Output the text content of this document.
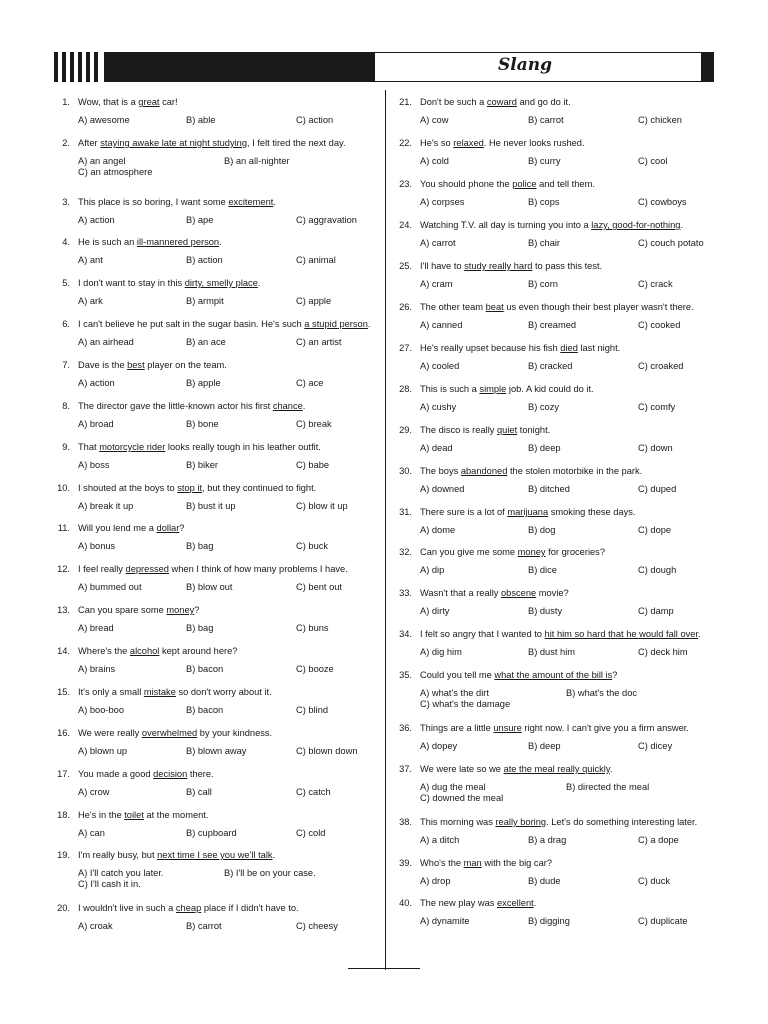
Slang
1. Wow, that is a great car!
A) awesome	B) able	C) action
2. After staying awake late at night studying, I felt tired the next day.
A) an angel	B) an all-nighter
C) an atmosphere
3. This place is so boring, I want some excitement.
A) action	B) ape	C) aggravation
4. He is such an ill-mannered person.
A) ant	B) action	C) animal
5. I don't want to stay in this dirty, smelly place.
A) ark	B) armpit	C) apple
6. I can't believe he put salt in the sugar basin. He's such a stupid person.
A) an airhead	B) an ace	C) an artist
7. Dave is the best player on the team.
A) action	B) apple	C) ace
8. The director gave the little-known actor his first chance.
A) broad	B) bone	C) break
9. That motorcycle rider looks really tough in his leather outfit.
A) boss	B) biker	C) babe
10. I shouted at the boys to stop it, but they continued to fight.
A) break it up	B) bust it up	C) blow it up
11. Will you lend me a dollar?
A) bonus	B) bag	C) buck
12. I feel really depressed when I think of how many problems I have.
A) bummed out	B) blow out	C) bent out
13. Can you spare some money?
A) bread	B) bag	C) buns
14. Where's the alcohol kept around here?
A) brains	B) bacon	C) booze
15. It's only a small mistake so don't worry about it.
A) boo-boo	B) bacon	C) blind
16. We were really overwhelmed by your kindness.
A) blown up	B) blown away	C) blown down
17. You made a good decision there.
A) crow	B) call	C) catch
18. He's in the toilet at the moment.
A) can	B) cupboard	C) cold
19. I'm really busy, but next time I see you we'll talk.
A) I'll catch you later.	B) I'll be on your case.
C) I'll cash it in.
20. I wouldn't live in such a cheap place if I didn't have to.
A) croak	B) carrot	C) cheesy
21. Don't be such a coward and go do it.
A) cow	B) carrot	C) chicken
22. He's so relaxed. He never looks rushed.
A) cold	B) curry	C) cool
23. You should phone the police and tell them.
A) corpses	B) cops	C) cowboys
24. Watching T.V. all day is turning you into a lazy, good-for-nothing.
A) carrot	B) chair	C) couch potato
25. I'll have to study really hard to pass this test.
A) cram	B) corn	C) crack
26. The other team beat us even though their best player wasn't there.
A) canned	B) creamed	C) cooked
27. He's really upset because his fish died last night.
A) cooled	B) cracked	C) croaked
28. This is such a simple job. A kid could do it.
A) cushy	B) cozy	C) comfy
29. The disco is really quiet tonight.
A) dead	B) deep	C) down
30. The boys abandoned the stolen motorbike in the park.
A) downed	B) ditched	C) duped
31. There sure is a lot of marijuana smoking these days.
A) dome	B) dog	C) dope
32. Can you give me some money for groceries?
A) dip	B) dice	C) dough
33. Wasn't that a really obscene movie?
A) dirty	B) dusty	C) damp
34. I felt so angry that I wanted to hit him so hard that he would fall over.
A) dig him	B) dust him	C) deck him
35. Could you tell me what the amount of the bill is?
A) what's the dirt	B) what's the doc
C) what's the damage
36. Things are a little unsure right now. I can't give you a firm answer.
A) dopey	B) deep	C) dicey
37. We were late so we ate the meal really quickly.
A) dug the meal	B) directed the meal
C) downed the meal
38. This morning was really boring. Let's do something interesting later.
A) a ditch	B) a drag	C) a dope
39. Who's the man with the big car?
A) drop	B) dude	C) duck
40. The new play was excellent.
A) dynamite	B) digging	C) duplicate
